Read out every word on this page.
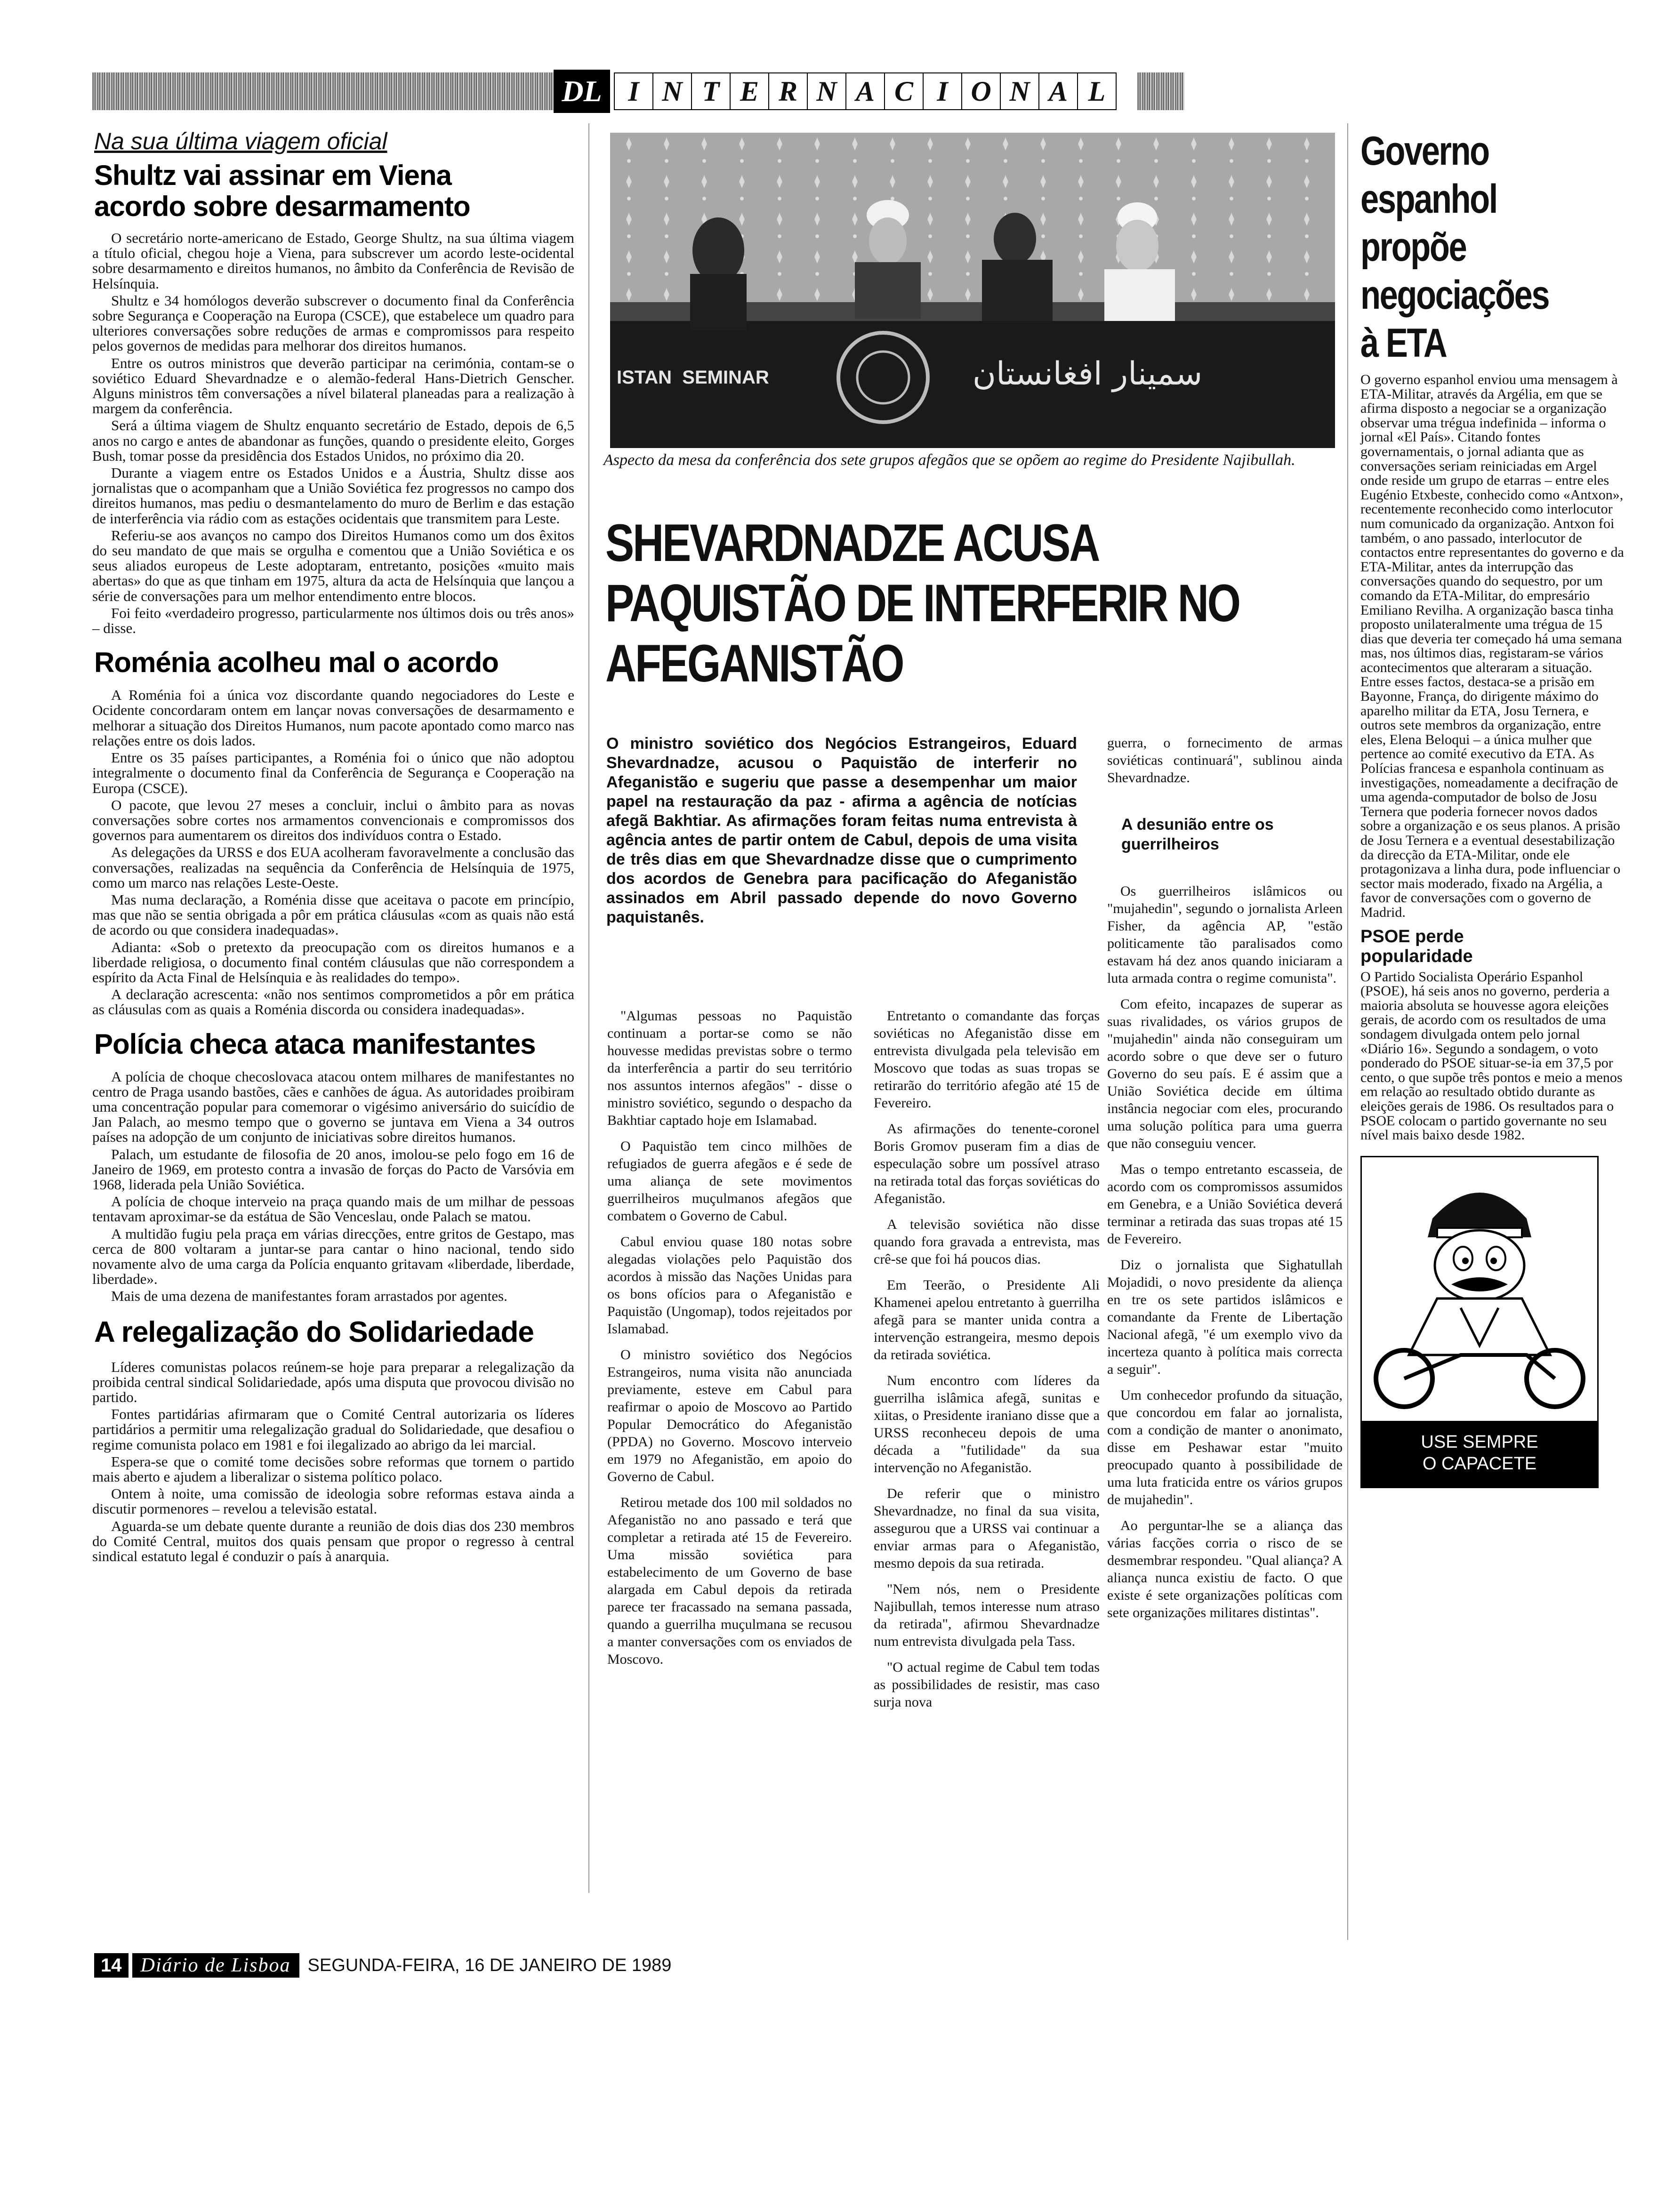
DL I N T E R N A C I O N A L
Na sua última viagem oficial
Shultz vai assinar em Viena acordo sobre desarmamento

O secretário norte-americano de Estado, George Shultz, na sua última viagem a título oficial, chegou hoje a Viena, para subscrever um acordo leste-ocidental sobre desarmamento e direitos humanos, no âmbito da Conferência de Revisão de Helsínquia.

Shultz e 34 homólogos deverão subscrever o documento final da Conferência sobre Segurança e Cooperação na Europa (CSCE), que estabelece um quadro para ulteriores conversações sobre reduções de armas e compromissos para respeito pelos governos de medidas para melhorar dos direitos humanos.

Entre os outros ministros que deverão participar na cerimónia, contam-se o soviético Eduard Shevardnadze e o alemão-federal Hans-Dietrich Genscher. Alguns ministros têm conversações a nível bilateral planeadas para a realização à margem da conferência.

Será a última viagem de Shultz enquanto secretário de Estado, depois de 6,5 anos no cargo e antes de abandonar as funções, quando o presidente eleito, Gorges Bush, tomar posse da presidência dos Estados Unidos, no próximo dia 20.

Durante a viagem entre os Estados Unidos e a Áustria, Shultz disse aos jornalistas que o acompanham que a União Soviética fez progressos no campo dos direitos humanos, mas pediu o desmantelamento do muro de Berlim e das estação de interferência via rádio com as estações ocidentais que transmitem para Leste.

Referiu-se aos avanços no campo dos Direitos Humanos como um dos êxitos do seu mandato de que mais se orgulha e comentou que a União Soviética e os seus aliados europeus de Leste adoptaram, entretanto, posições «muito mais abertas» do que as que tinham em 1975, altura da acta de Helsínquia que lançou a série de conversações para um melhor entendimento entre blocos.

Foi feito «verdadeiro progresso, particularmente nos últimos dois ou três anos» – disse.

Roménia acolheu mal o acordo

A Roménia foi a única voz discordante quando negociadores do Leste e Ocidente concordaram ontem em lançar novas conversações de desarmamento e melhorar a situação dos Direitos Humanos, num pacote apontado como marco nas relações entre os dois lados.

Entre os 35 países participantes, a Roménia foi o único que não adoptou integralmente o documento final da Conferência de Segurança e Cooperação na Europa (CSCE).

O pacote, que levou 27 meses a concluir, inclui o âmbito para as novas conversações sobre cortes nos armamentos convencionais e compromissos dos governos para aumentarem os direitos dos indivíduos contra o Estado.

As delegações da URSS e dos EUA acolheram favoravelmente a conclusão das conversações, realizadas na sequência da Conferência de Helsínquia de 1975, como um marco nas relações Leste-Oeste.

Mas numa declaração, a Roménia disse que aceitava o pacote em princípio, mas que não se sentia obrigada a pôr em prática cláusulas «com as quais não está de acordo ou que considera inadequadas».

Adianta: «Sob o pretexto da preocupação com os direitos humanos e a liberdade religiosa, o documento final contém cláusulas que não correspondem a espírito da Acta Final de Helsínquia e às realidades do tempo».

A declaração acrescenta: «não nos sentimos comprometidos a pôr em prática as cláusulas com as quais a Roménia discorda ou considera inadequadas».

Polícia checa ataca manifestantes

A polícia de choque checoslovaca atacou ontem milhares de manifestantes no centro de Praga usando bastões, cães e canhões de água. As autoridades proibiram uma concentração popular para comemorar o vigésimo aniversário do suicídio de Jan Palach, ao mesmo tempo que o governo se juntava em Viena a 34 outros países na adopção de um conjunto de iniciativas sobre direitos humanos.

Palach, um estudante de filosofia de 20 anos, imolou-se pelo fogo em 16 de Janeiro de 1969, em protesto contra a invasão de forças do Pacto de Varsóvia em 1968, liderada pela União Soviética.

A polícia de choque interveio na praça quando mais de um milhar de pessoas tentavam aproximar-se da estátua de São Venceslau, onde Palach se matou.

A multidão fugiu pela praça em várias direcções, entre gritos de Gestapo, mas cerca de 800 voltaram a juntar-se para cantar o hino nacional, tendo sido novamente alvo de uma carga da Polícia enquanto gritavam «liberdade, liberdade, liberdade».

Mais de uma dezena de manifestantes foram arrastados por agentes.

A relegalização do Solidariedade

Líderes comunistas polacos reúnem-se hoje para preparar a relegalização da proibida central sindical Solidariedade, após uma disputa que provocou divisão no partido.

Fontes partidárias afirmaram que o Comité Central autorizaria os líderes partidários a permitir uma relegalização gradual do Solidariedade, que desafiou o regime comunista polaco em 1981 e foi ilegalizado ao abrigo da lei marcial.

Espera-se que o comité tome decisões sobre reformas que tornem o partido mais aberto e ajudem a liberalizar o sistema político polaco.

Ontem à noite, uma comissão de ideologia sobre reformas estava ainda a discutir pormenores – revelou a televisão estatal.

Aguarda-se um debate quente durante a reunião de dois dias dos 230 membros do Comité Central, muitos dos quais pensam que propor o regresso à central sindical estatuto legal é conduzir o país à anarquia.

ﺳﻤﻴﻨﺎﺭ ﺍﻓﻐﺎﻧﺴﺘﺎﻥ
ISTAN  SEMINAR
Aspecto da mesa da conferência dos sete grupos afegãos que se opõem ao regime do Presidente Najibullah.
SHEVARDNADZE ACUSA PAQUISTÃO DE INTERFERIR NO AFEGANISTÃO
O ministro soviético dos Negócios Estrangeiros, Eduard Shevardnadze, acusou o Paquistão de interferir no Afeganistão e sugeriu que passe a desempenhar um maior papel na restauração da paz - afirma a agência de notícias afegã Bakhtiar. As afirmações foram feitas numa entrevista à agência antes de partir ontem de Cabul, depois de uma visita de três dias em que Shevardnadze disse que o cumprimento dos acordos de Genebra para pacificação do Afeganistão assinados em Abril passado depende do novo Governo paquistanês.

"Algumas pessoas no Paquistão continuam a portar-se como se não houvesse medidas previstas sobre o termo da interferência a partir do seu território nos assuntos internos afegãos" - disse o ministro soviético, segundo o despacho da Bakhtiar captado hoje em Islamabad.

O Paquistão tem cinco milhões de refugiados de guerra afegãos e é sede de uma aliança de sete movimentos guerrilheiros muçulmanos afegãos que combatem o Governo de Cabul.

Cabul enviou quase 180 notas sobre alegadas violações pelo Paquistão dos acordos à missão das Nações Unidas para os bons ofícios para o Afeganistão e Paquistão (Ungomap), todos rejeitados por Islamabad.

O ministro soviético dos Negócios Estrangeiros, numa visita não anunciada previamente, esteve em Cabul para reafirmar o apoio de Moscovo ao Partido Popular Democrático do Afeganistão (PPDA) no Governo. Moscovo interveio em 1979 no Afeganistão, em apoio do Governo de Cabul.

Retirou metade dos 100 mil soldados no Afeganistão no ano passado e terá que completar a retirada até 15 de Fevereiro. Uma missão soviética para estabelecimento de um Governo de base alargada em Cabul depois da retirada parece ter fracassado na semana passada, quando a guerrilha muçulmana se recusou a manter conversações com os enviados de Moscovo.

Entretanto o comandante das forças soviéticas no Afeganistão disse em entrevista divulgada pela televisão em Moscovo que todas as suas tropas se retirarão do território afegão até 15 de Fevereiro.

As afirmações do tenente-coronel Boris Gromov puseram fim a dias de especulação sobre um possível atraso na retirada total das forças soviéticas do Afeganistão.

A televisão soviética não disse quando fora gravada a entrevista, mas crê-se que foi há poucos dias.

Em Teerão, o Presidente Ali Khamenei apelou entretanto à guerrilha afegã para se manter unida contra a intervenção estrangeira, mesmo depois da retirada soviética.

Num encontro com líderes da guerrilha islâmica afegã, sunitas e xiitas, o Presidente iraniano disse que a URSS reconheceu depois de uma década a "futilidade" da sua intervenção no Afeganistão.

De referir que o ministro Shevardnadze, no final da sua visita, assegurou que a URSS vai continuar a enviar armas para o Afeganistão, mesmo depois da sua retirada.

"Nem nós, nem o Presidente Najibullah, temos interesse num atraso da retirada", afirmou Shevardnadze num entrevista divulgada pela Tass.

"O actual regime de Cabul tem todas as possibilidades de resistir, mas caso surja nova

guerra, o fornecimento de armas soviéticas continuará", sublinou ainda Shevardnadze.

A desunião entre os guerrilheiros

Os guerrilheiros islâmicos ou "mujahedin", segundo o jornalista Arleen Fisher, da agência AP, "estão politicamente tão paralisados como estavam há dez anos quando iniciaram a luta armada contra o regime comunista".

Com efeito, incapazes de superar as suas rivalidades, os vários grupos de "mujahedin" ainda não conseguiram um acordo sobre o que deve ser o futuro Governo do seu país. E é assim que a União Soviética decide em última instância negociar com eles, procurando uma solução política para uma guerra que não conseguiu vencer.

Mas o tempo entretanto escasseia, de acordo com os compromissos assumidos em Genebra, e a União Soviética deverá terminar a retirada das suas tropas até 15 de Fevereiro.

Diz o jornalista que Sighatullah Mojadidi, o novo presidente da aliença en tre os sete partidos islâmicos e comandante da Frente de Libertação Nacional afegã, "é um exemplo vivo da incerteza quanto à política mais correcta a seguir".

Um conhecedor profundo da situação, que concordou em falar ao jornalista, com a condição de manter o anonimato, disse em Peshawar estar "muito preocupado quanto à possibilidade de uma luta fraticida entre os vários grupos de mujahedin".

Ao perguntar-lhe se a aliança das várias facções corria o risco de se desmembrar respondeu. "Qual aliança? A aliança nunca existiu de facto. O que existe é sete organizações políticas com sete organizações militares distintas".

Governo espanhol propõe negociações à ETA

O governo espanhol enviou uma mensagem à ETA-Militar, através da Argélia, em que se afirma disposto a negociar se a organização observar uma trégua indefinida – informa o jornal «El País». Citando fontes governamentais, o jornal adianta que as conversações seriam reiniciadas em Argel onde reside um grupo de etarras – entre eles Eugénio Etxbeste, conhecido como «Antxon», recentemente reconhecido como interlocutor num comunicado da organização. Antxon foi também, o ano passado, interlocutor de contactos entre representantes do governo e da ETA-Militar, antes da interrupção das conversações quando do sequestro, por um comando da ETA-Militar, do empresário Emiliano Revilha. A organização basca tinha proposto unilateralmente uma trégua de 15 dias que deveria ter começado há uma semana mas, nos últimos dias, registaram-se vários acontecimentos que alteraram a situação. Entre esses factos, destaca-se a prisão em Bayonne, França, do dirigente máximo do aparelho militar da ETA, Josu Ternera, e outros sete membros da organização, entre eles, Elena Beloqui – a única mulher que pertence ao comité executivo da ETA. As Polícias francesa e espanhola continuam as investigações, nomeadamente a decifração de uma agenda-computador de bolso de Josu Ternera que poderia fornecer novos dados sobre a organização e os seus planos. A prisão de Josu Ternera e a eventual desestabilização da direcção da ETA-Militar, onde ele protagonizava a linha dura, pode influenciar o sector mais moderado, fixado na Argélia, a favor de conversações com o governo de Madrid.

PSOE perde popularidade

O Partido Socialista Operário Espanhol (PSOE), há seis anos no governo, perderia a maioria absoluta se houvesse agora eleições gerais, de acordo com os resultados de uma sondagem divulgada ontem pelo jornal «Diário 16». Segundo a sondagem, o voto ponderado do PSOE situar-se-ia em 37,5 por cento, o que supõe três pontos e meio a menos em relação ao resultado obtido durante as eleições gerais de 1986. Os resultados para o PSOE colocam o partido governante no seu nível mais baixo desde 1982.

USE SEMPRE
O CAPACETE
14 Diário de Lisboa SEGUNDA-FEIRA, 16 DE JANEIRO DE 1989
